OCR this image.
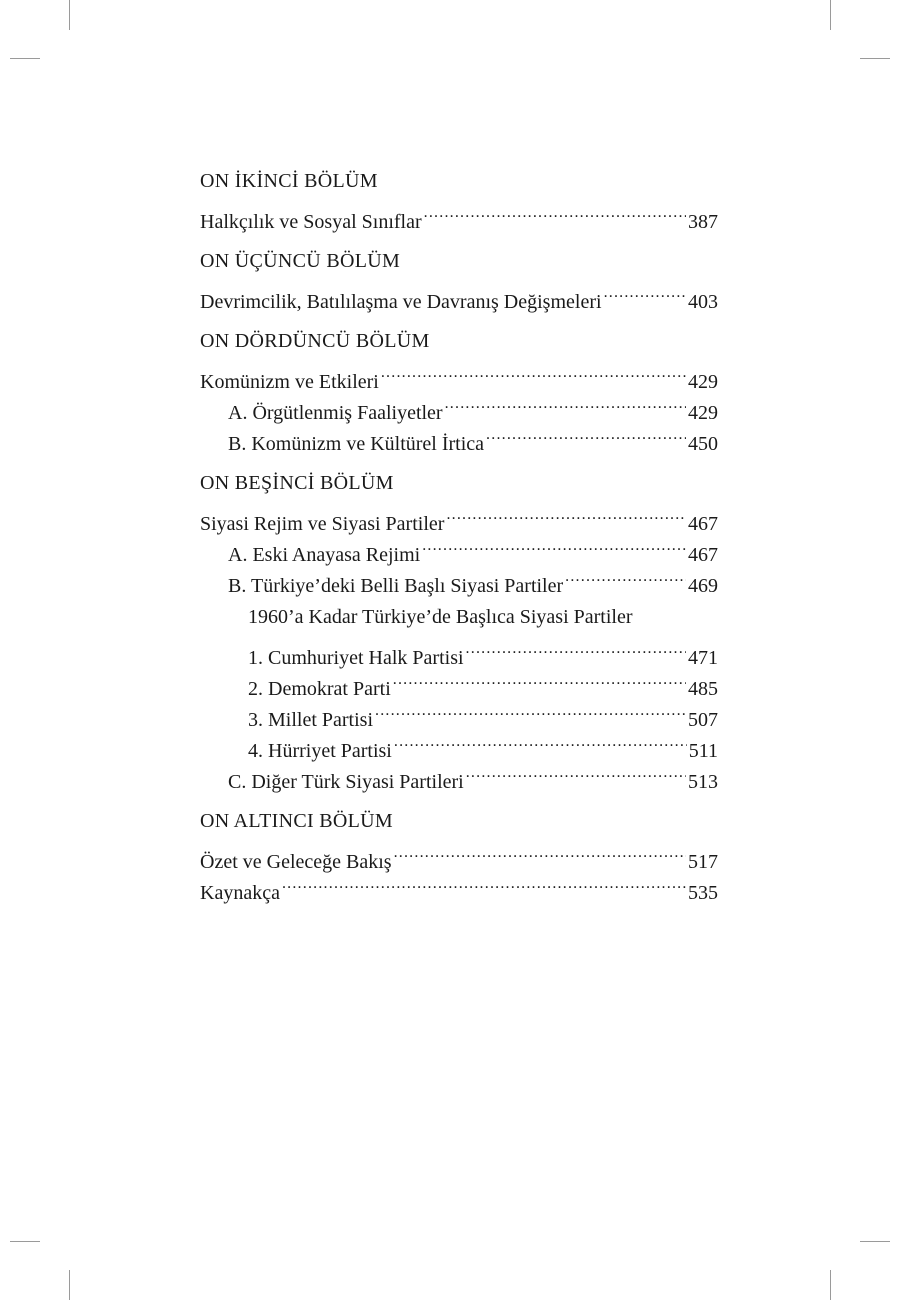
ON İKİNCİ BÖLÜM
Halkçılık ve Sosyal Sınıflar .....	387
ON ÜÇÜNCÜ BÖLÜM
Devrimcilik, Batılılaşma ve Davranış Değişmeleri .....	403
ON DÖRDÜNCÜ BÖLÜM
Komünizm ve Etkileri .....	429
A. Örgütlenmiş Faaliyetler .....	429
B. Komünizm ve Kültürel İrtica .....	450
ON BEŞİNCİ BÖLÜM
Siyasi Rejim ve Siyasi Partiler .....	467
A. Eski Anayasa Rejimi .....	467
B. Türkiye’deki Belli Başlı Siyasi Partiler .....	469
1960’a Kadar Türkiye’de Başlıca Siyasi Partiler
1. Cumhuriyet Halk Partisi .....	471
2. Demokrat Parti .....	485
3. Millet Partisi .....	507
4. Hürriyet Partisi .....	511
C. Diğer Türk Siyasi Partileri .....	513
ON ALTINCI BÖLÜM
Özet ve Geleceğe Bakış .....	517
Kaynakça .....	535
